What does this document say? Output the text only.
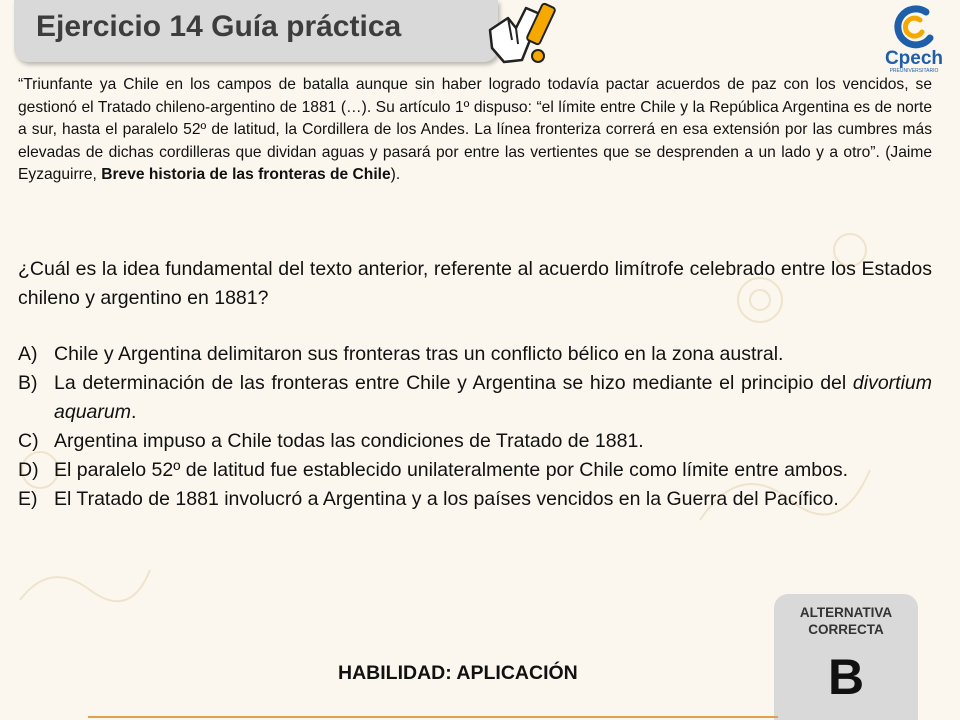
Ejercicio 14 Guía práctica
Cpech
PREUNIVERSITARIO

“Triunfante ya Chile en los campos de batalla aunque sin haber logrado todavía pactar acuerdos de paz con los vencidos, se gestionó el Tratado chileno-argentino de 1881 (…). Su artículo 1º dispuso: “el límite entre Chile y la República Argentina es de norte a sur, hasta el paralelo 52º de latitud, la Cordillera de los Andes. La línea fronteriza correrá en esa extensión por las cumbres más elevadas de dichas cordilleras que dividan aguas y pasará por entre las vertientes que se desprenden a un lado y a otro”. (Jaime Eyzaguirre, Breve historia de las fronteras de Chile).

¿Cuál es la idea fundamental del texto anterior, referente al acuerdo limítrofe celebrado entre los Estados chileno y argentino en 1881?

A) Chile y Argentina delimitaron sus fronteras tras un conflicto bélico en la zona austral.
B) La determinación de las fronteras entre Chile y Argentina se hizo mediante el principio del divortium aquarum.
C) Argentina impuso a Chile todas las condiciones de Tratado de 1881.
D) El paralelo 52º de latitud fue establecido unilateralmente por Chile como límite entre ambos.
E) El Tratado de 1881 involucró a Argentina y a los países vencidos en la Guerra del Pacífico.
HABILIDAD: APLICACIÓN
ALTERNATIVA
CORRECTA
B
